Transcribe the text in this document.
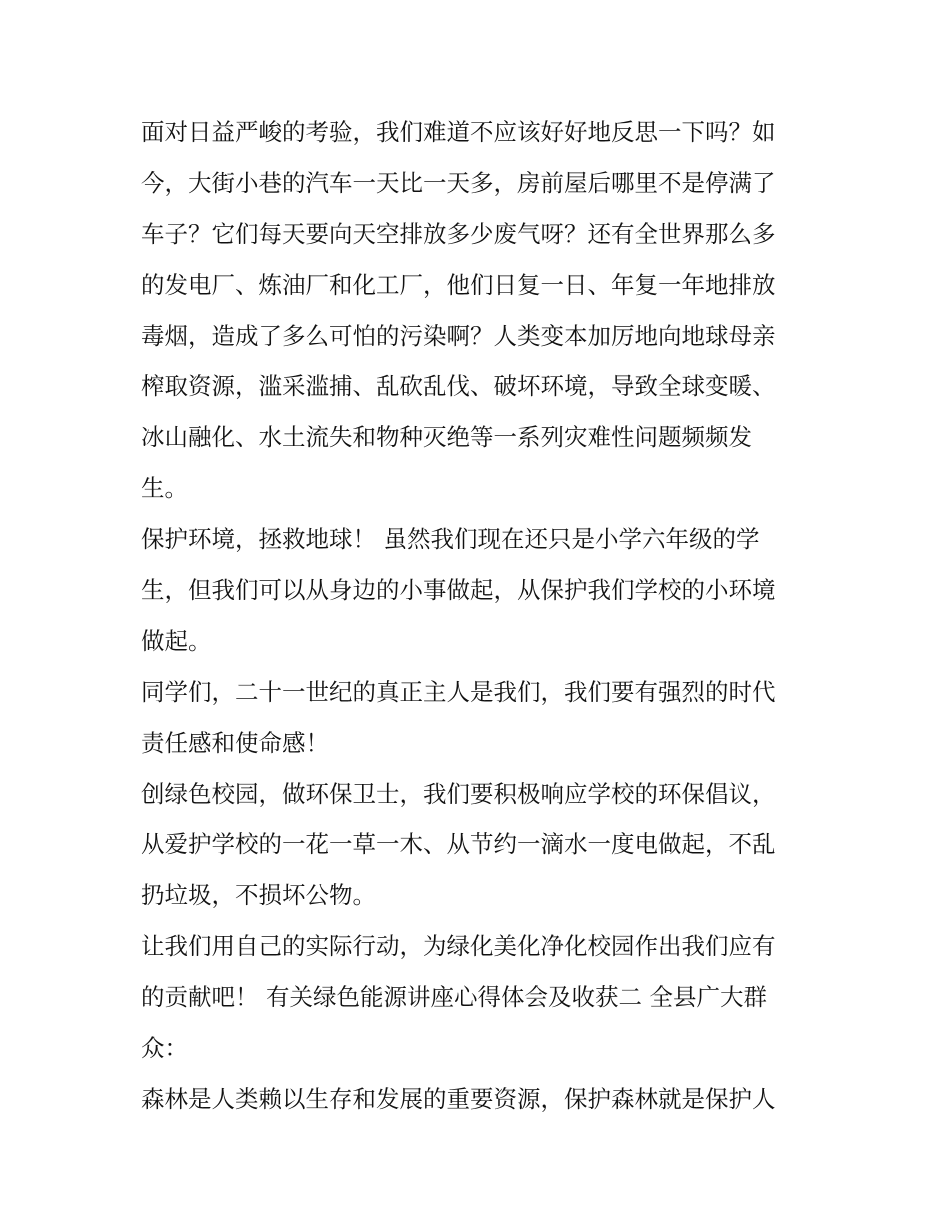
面对日益严峻的考验，我们难道不应该好好地反思一下吗？如
今，大街小巷的汽车一天比一天多，房前屋后哪里不是停满了
车子？它们每天要向天空排放多少废气呀？还有全世界那么多
的发电厂、炼油厂和化工厂，他们日复一日、年复一年地排放
毒烟，造成了多么可怕的污染啊？人类变本加厉地向地球母亲
榨取资源，滥采滥捕、乱砍乱伐、破坏环境，导致全球变暖、
冰山融化、水土流失和物种灭绝等一系列灾难性问题频频发
生。
保护环境，拯救地球！ 虽然我们现在还只是小学六年级的学
生，但我们可以从身边的小事做起，从保护我们学校的小环境
做起。
同学们，二十一世纪的真正主人是我们，我们要有强烈的时代
责任感和使命感！
创绿色校园，做环保卫士，我们要积极响应学校的环保倡议，
从爱护学校的一花一草一木、从节约一滴水一度电做起，不乱
扔垃圾，不损坏公物。
让我们用自己的实际行动，为绿化美化净化校园作出我们应有
的贡献吧！ 有关绿色能源讲座心得体会及收获二 全县广大群
众：
森林是人类赖以生存和发展的重要资源，保护森林就是保护人
